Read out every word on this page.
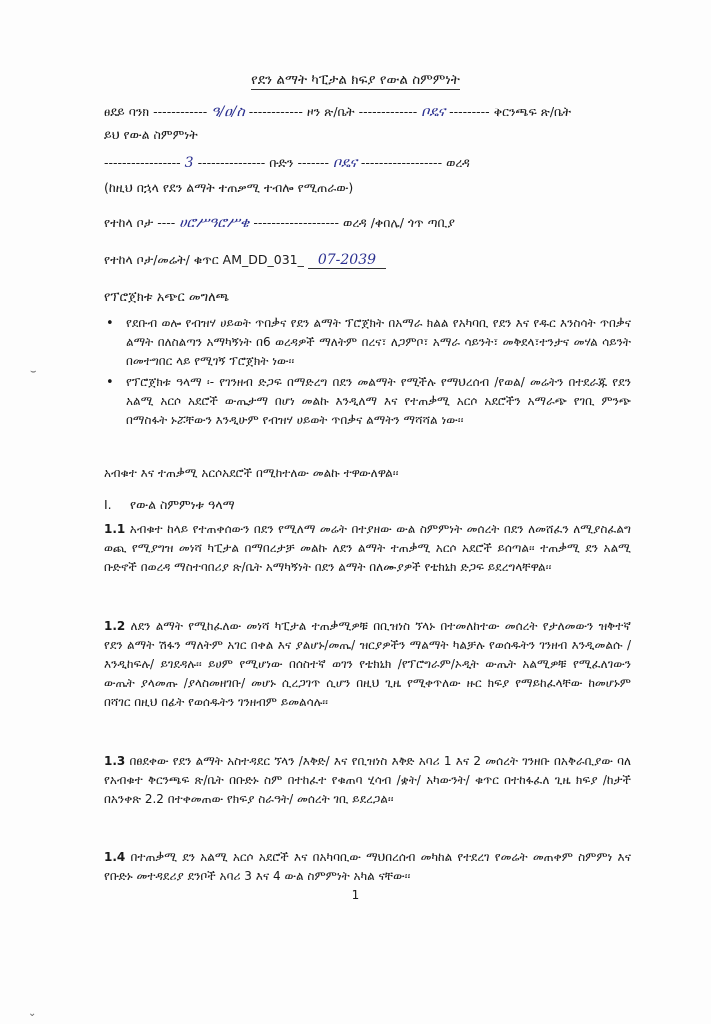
የደን ልማት ካፒታል ክፍያ የውል ስምምነት
ፀደይ ባንክ ------------ ዓ/ዐ/ስ ------------ ዞን ጽ/ቤት ------------- ቦዴና --------- ቅርንጫፍ ጽ/ቤት
ይህ የውል ስምምነት
----------------- 3 --------------- ቡድን ------- ቦዴና ------------------ ወረዳ
(ከዚህ በኋላ የደን ልማት ተጠቃሚ ተብሎ የሚጠራው)
የተከላ ቦታ ---- ሀሮሥዓሮሥቄ ------------------- ወረዳ /ቀበሌ/ ጎጥ ጣቢያ
የተከላ ቦታ/መሬት/ ቁጥር AM_DD_031_ 07-2039
የፕሮጀክቱ አጭር መግለጫ
• የደቡብ ወሎ የብዝሃ ሀይወት ጥበቃና የደን ልማት ፕሮጀክት በአማራ ክልል የአካባቢ የደን እና የዱር እንስሳት ጥበቃና ልማት በለስልጣን አማካኝነት በ6 ወረዳዎች ማለትም በረና፣ ለጋምቦ፣ አማራ ሳይንት፣ መቅደላ፣ተንታና መሃል ሳይንት በመተግበር ላይ የሚገኝ ፕሮጀክት ነው፡፡
• የፕሮጀክቱ ዓላማ ፡- የገንዘብ ድጋፍ በማድረግ በደን መልማት የሚችሉ የማህረሰብ /የወል/ መሬትን በተደራጁ የደን አልሚ አርሶ አደሮች ውጤታማ በሆነ መልኩ እንዲለማ እና የተጠቃሚ አርሶ አደሮችን አማራጭ የገቢ ምንጭ በማስፋት ኑሯቸውን እንዲሁም የብዝሃ ሀይወት ጥበቃና ልማትን ማሻሻል ነው፡፡
አብቁተ እና ተጠቃሚ አርሶአደሮች በሚከተለው መልኩ ተዋውለዋል፡፡
I. የውል ስምምነቱ ዓላማ
1.1 አብቁተ ከላይ የተጠቀሰውን በደን የሚለማ መሬት በተያዘው ውል ስምምነት መሰረት በደን ለመሸፈን ለሚያስፈልግ ወጪ የሚያግዝ መነሻ ካፒታል በማበረታቻ መልኩ ለደን ልማት ተጠቃሚ አርሶ አደሮች ይሰጣል፡፡ ተጠቃሚ ደን አልሚ ቡድኖች በወረዳ ማስተባበሪያ ጽ/ቤት አማካኝነት በደን ልማት በለሙያዎች የቴክኒክ ድጋፍ ይደረግላቸዋል፡፡
1.2 ለደን ልማት የሚከፈለው መነሻ ካፒታል ተጠቃሚዎቹ በቢዝነስ ኘላኑ በተመለከተው መሰረት የታለመውን ዝቅተኛ የደን ልማት ሽፋን ማለትም አገር በቀል እና ያልሆኑ/መጤ/ ዝርያዎችን ማልማት ካልቻሉ የወሰዱትን ገንዘብ እንዲመልሱ /እንዲከፍሉ/ ይገደዳሉ፡፡ ይሀም የሚሆነው በሰስተኛ ወገን የቴክኒክ /የፕሮግራም/ኦዲት ውጤት አልሚዎቹ የሚፈለገውን ውጤት ያላመጡ /ያላስመዘገቡ/ መሆኑ ሲረጋገጥ ሲሆን በዚህ ጊዜ የሚቀጥለው ዙር ክፍያ የማይከፈላቸው ከመሆኑም በሻገር በዚህ በፊት የወሰዱትን ገንዘብም ይመልሳሉ፡፡
1.3 በፀደቀው የደን ልማት አስተዳደር ኘላን /እቅድ/ እና የቢዝነስ እቅድ አባሪ 1 እና 2 መሰረት ገንዘቡ በአቅራቢያው ባለ የአብቁተ ቅርንጫፍ ጽ/ቤት በቡድኑ ስም በተከፈተ የቁጠባ ሂሳብ /ቋት/ አካውንት/ ቁጥር በተከፋፈለ ጊዜ ክፍያ /ከታች በአንቀጽ 2.2 በተቀመጠው የክፍያ ስራዓት/ መሰረት ገቢ ይደረጋል፡፡
1.4 በተጠቃሚ ደን አልሚ አርሶ አደሮች እና በአካባቢው ማህበረሰብ መካከል የተደረገ የመሬት መጠቀም ስምምነ እና የቡድኑ መተዳደሪያ ደንቦች አባሪ 3 እና 4 ውል ስምምነት አካል ናቸው፡፡
1
⌣
⌄
